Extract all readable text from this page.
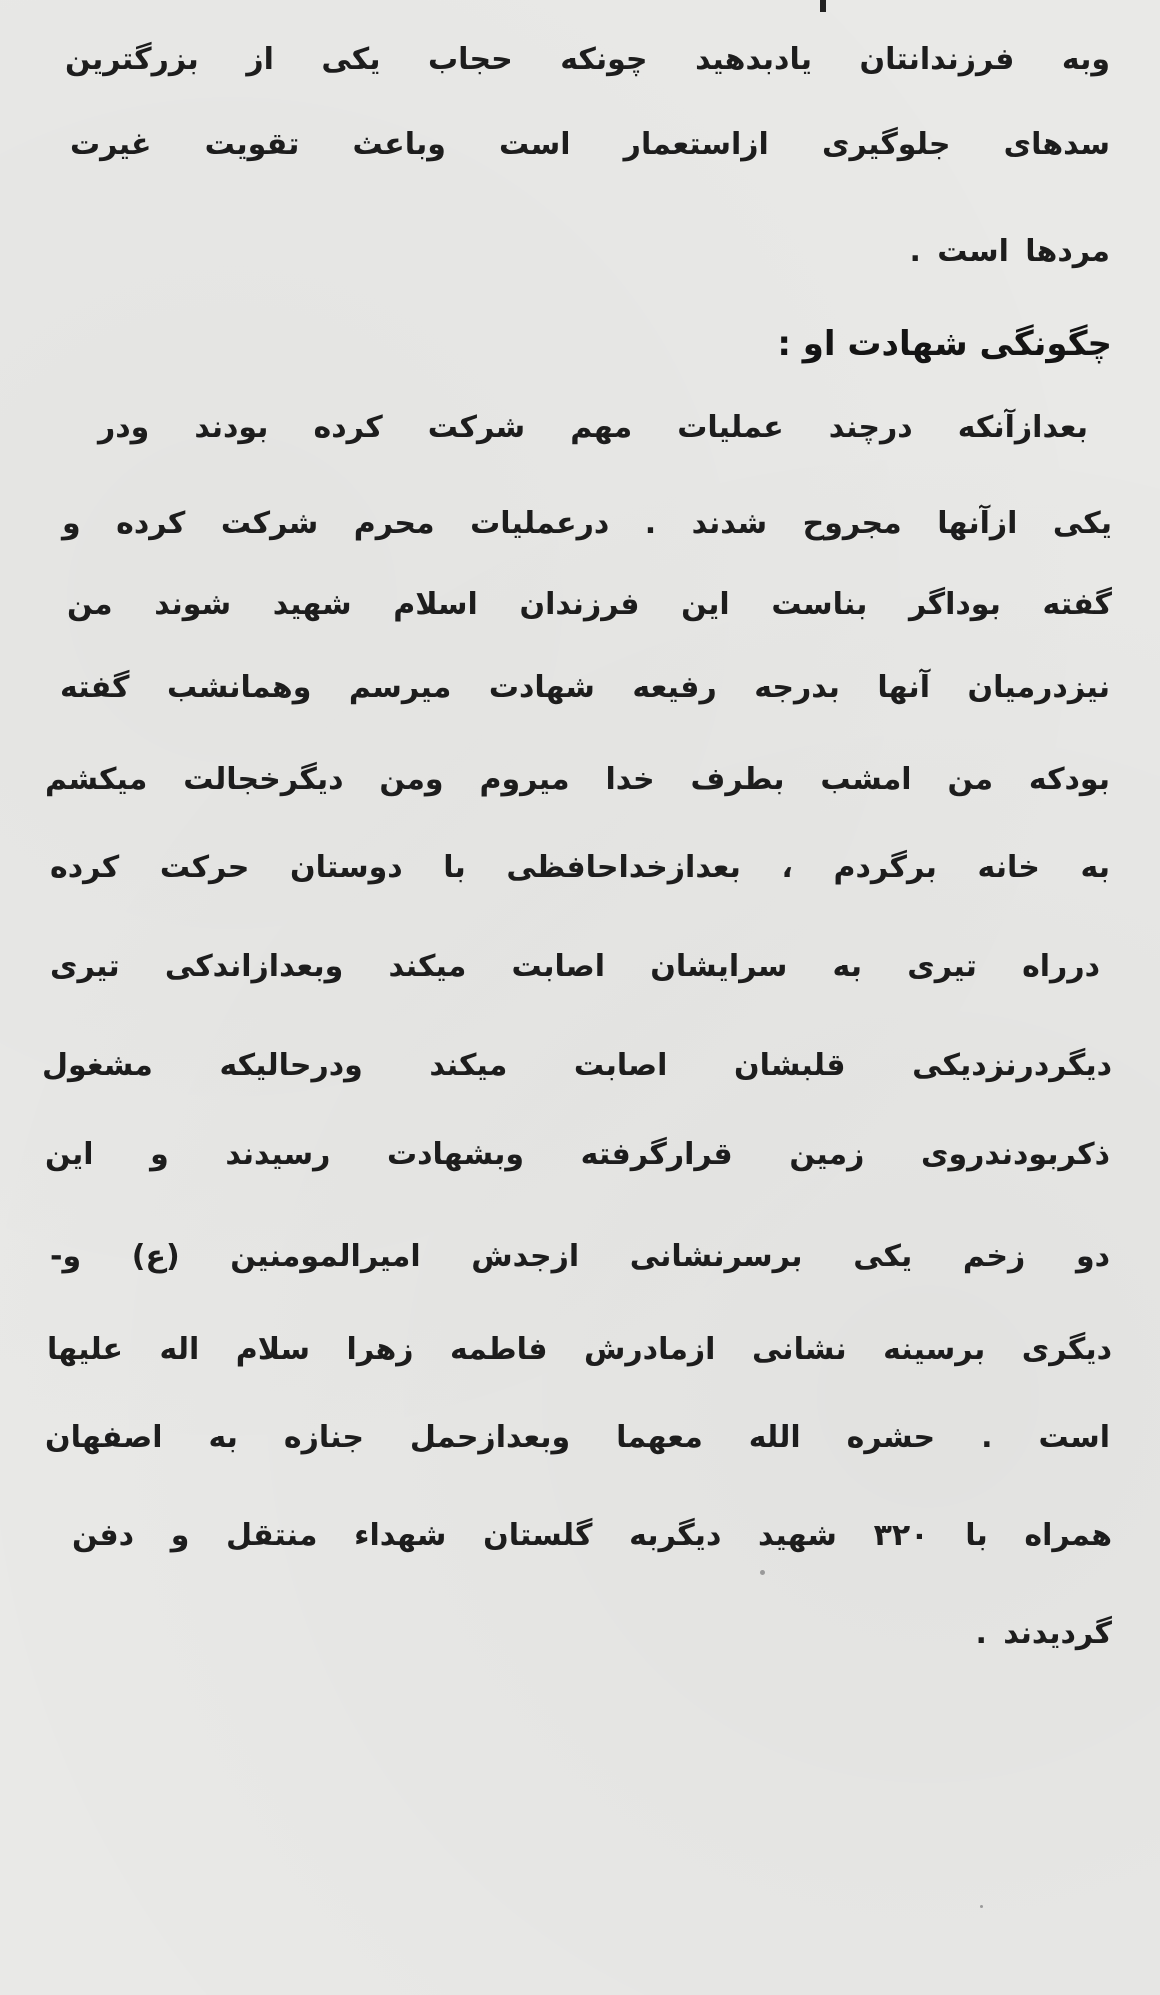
وبه فرزندانتان یادبدهید چونکه حجاب یکی از بزرگترین
سدهای جلوگیری ازاستعمار است وباعث تقویت غیرت
مردها است .
چگونگی شهادت او :
بعدازآنکه درچند عملیات مهم شرکت کرده بودند ودر
یکی ازآنها مجروح شدند . درعملیات محرم شرکت کرده و
گفته بوداگر بناست این فرزندان اسلام شهید شوند من
نیزدرمیان آنها بدرجه رفیعه شهادت میرسم وهمانشب گفته
بودکه من امشب بطرف خدا میروم ومن دیگرخجالت میکشم
به خانه برگردم ، بعدازخداحافظی با دوستان حرکت کرده
درراه تیری به سرایشان اصابت میکند وبعدازاندکی تیری
دیگردرنزدیکی قلبشان اصابت میکند ودرحالیکه مشغول
ذکربودندروی زمین قرارگرفته وبشهادت رسیدند و این
دو زخم یکی برسرنشانی ازجدش امیرالمومنین (ع) و-
دیگری برسینه نشانی ازمادرش فاطمه زهرا سلام اله علیها
است . حشره الله معهما وبعدازحمل جنازه به اصفهان
همراه با ۳۲۰ شهید دیگربه گلستان شهداء منتقل و دفن
گردیدند .
